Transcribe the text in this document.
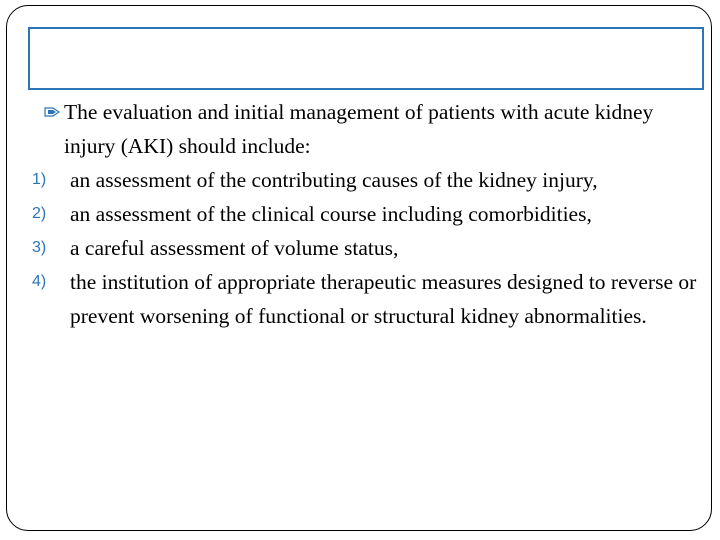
The evaluation and initial management of patients with acute kidney injury (AKI) should include:
1) an assessment of the contributing causes of the kidney injury,
2) an assessment of the clinical course including comorbidities,
3) a careful assessment of volume status,
4) the institution of appropriate therapeutic measures designed to reverse or prevent worsening of functional or structural kidney abnormalities.
